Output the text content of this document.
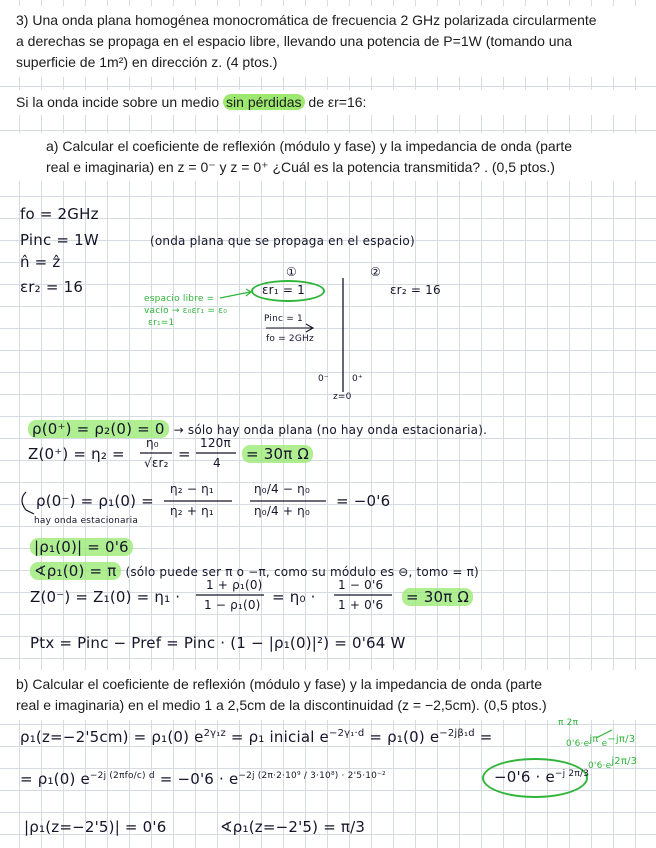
3) Una onda plana homogénea monocromática de frecuencia 2 GHz polarizada circularmente

a derechas se propaga en el espacio libre, llevando una potencia de P=1W (tomando una

superficie de 1m²) en dirección z. (4 ptos.)

Si la onda incide sobre un medio sin pérdidas de εr=16:

a) Calcular el coeficiente de reflexión (módulo y fase) y la impedancia de onda (parte

real e imaginaria) en z = 0⁻ y z = 0⁺ ¿Cuál es la potencia transmitida? . (0,5 ptos.)

b) Calcular el coeficiente de reflexión (módulo y fase) y la impedancia de onda (parte

real e imaginaria) en el medio 1 a 2,5cm de la discontinuidad (z = −2,5cm). (0,5 ptos.)

fo = 2GHz
Pinc = 1W	(onda plana que se propaga en el espacio)
n̂ = ẑ
εr₂ = 16
①	②
εr₁ = 1	εr₂ = 16
espacio libre =
vacío → ε₀εr₁ = ε₀
εr₁=1	Pinc = 1
fo = 2GHz
0⁻	0⁺
z=0
ρ(0⁺) = ρ₂(0) = 0 → sólo hay onda plana (no hay onda estacionaria).
Z(0⁺) = η₂ =
η₀
√εr₂ =
120π
4 = 30π Ω
ρ(0⁻) = ρ₁(0) =
η₂ − η₁
η₂ + η₁
η₀/4 − η₀
η₀/4 + η₀
= −0'6
hay onda estacionaria
|ρ₁(0)| = 0'6
∢ρ₁(0) = π (sólo puede ser π o −π, como su módulo es ⊖, tomo = π)
Z(0⁻) = Z₁(0) = η₁ ·
1 + ρ₁(0)
1 − ρ₁(0) = η₀ ·
1 − 0'6
1 + 0'6 = 30π Ω
Ptx = Pinc − Pref = Pinc · (1 − |ρ₁(0)|²) = 0'64 W
ρ₁(z=−2'5cm) = ρ₁(0) $e^{2\gamma_1z} = \rho_1$ inicial $e^{-2\gamma_1\cdot d} = \rho_1(0) e^{-2j\beta_1d}$ =
π 2π
$0'6\cdot e^{j\pi}$ $e^{-j\pi/3}$
$0'6\cdot e^{j2\pi/3}$
= ρ₁(0) $e^{-2j (2\pi fo/c) d} = -0'6 \cdot e^{-2j (2\pi\cdot 2\cdot 10^9 / 3\cdot 10^8) \cdot 2'5\cdot 10^{-2}}$	$-0'6 \cdot e^{-j 2\pi/3}$
|ρ₁(z=−2'5)| = 0'6	∢ρ₁(z=−2'5) = π/3
